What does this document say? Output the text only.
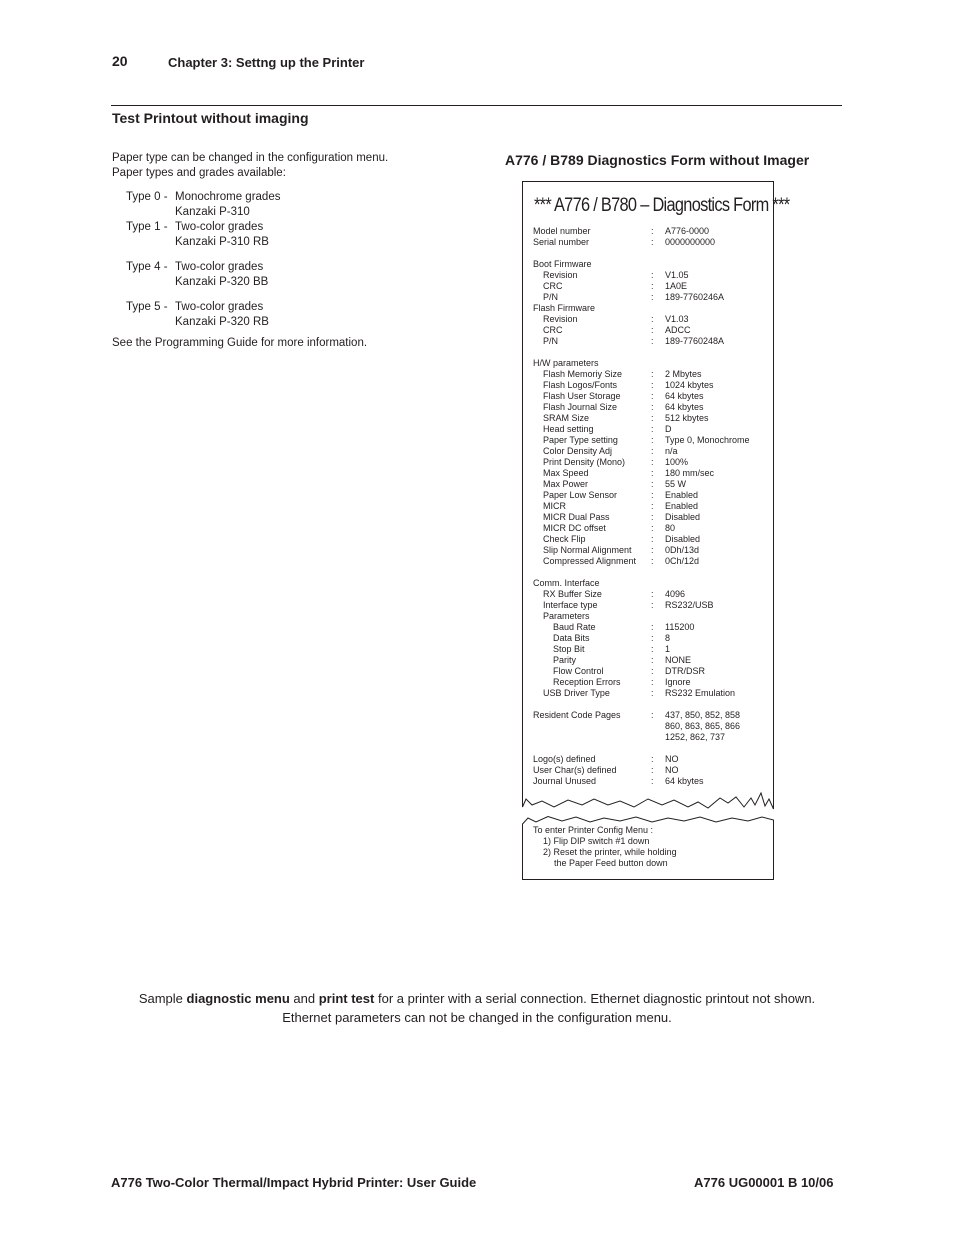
20	Chapter 3: Settng up the Printer
Test Printout without imaging
Paper type can be changed in the configuration menu.
Paper types and grades available:
Type 0 - Monochrome grades
Kanzaki P-310
Type 1 - Two-color grades
Kanzaki P-310 RB
Type 4 - Two-color grades
Kanzaki P-320 BB
Type 5 - Two-color grades
Kanzaki P-320 RB
See the Programming Guide for more information.
A776 / B789 Diagnostics Form without Imager
*** A776 / B780 – Diagnostics Form ***
Model number	:	A776-0000
Serial number	:	0000000000
Boot Firmware
Revision	:	V1.05
CRC	:	1A0E
P/N	:	189-7760246A
Flash Firmware
Revision	:	V1.03
CRC	:	ADCC
P/N	:	189-7760248A
H/W parameters
Flash Memoriy Size	:	2 Mbytes
Flash Logos/Fonts	:	1024 kbytes
Flash User Storage	:	64 kbytes
Flash Journal Size	:	64 kbytes
SRAM Size	:	512 kbytes
Head setting	:	D
Paper Type setting	:	Type 0, Monochrome
Color Density Adj	:	n/a
Print Density (Mono)	:	100%
Max Speed	:	180 mm/sec
Max Power	:	55 W
Paper Low Sensor	:	Enabled
MICR	:	Enabled
MICR Dual Pass	:	Disabled
MICR DC offset	:	80
Check Flip	:	Disabled
Slip Normal Alignment	:	0Dh/13d
Compressed Alignment	:	0Ch/12d
Comm. Interface
RX Buffer Size	:	4096
Interface type	:	RS232/USB
Parameters
Baud Rate	:	115200
Data Bits	:	8
Stop Bit	:	1
Parity	:	NONE
Flow Control	:	DTR/DSR
Reception Errors	:	Ignore
USB Driver Type	:	RS232 Emulation
Resident Code Pages	:	437, 850, 852, 858
860, 863, 865, 866
1252, 862, 737
Logo(s) defined	:	NO
User Char(s) defined	:	NO
Journal Unused	:	64 kbytes
To enter Printer Config Menu :
1) Flip DIP switch #1 down
2) Reset the printer, while holding
the Paper Feed button down
Sample diagnostic menu and print test for a printer with a serial connection. Ethernet diagnostic printout not shown.
Ethernet parameters can not be changed in the configuration menu.
A776 Two-Color Thermal/Impact Hybrid Printer: User Guide	A776 UG00001 B 10/06
